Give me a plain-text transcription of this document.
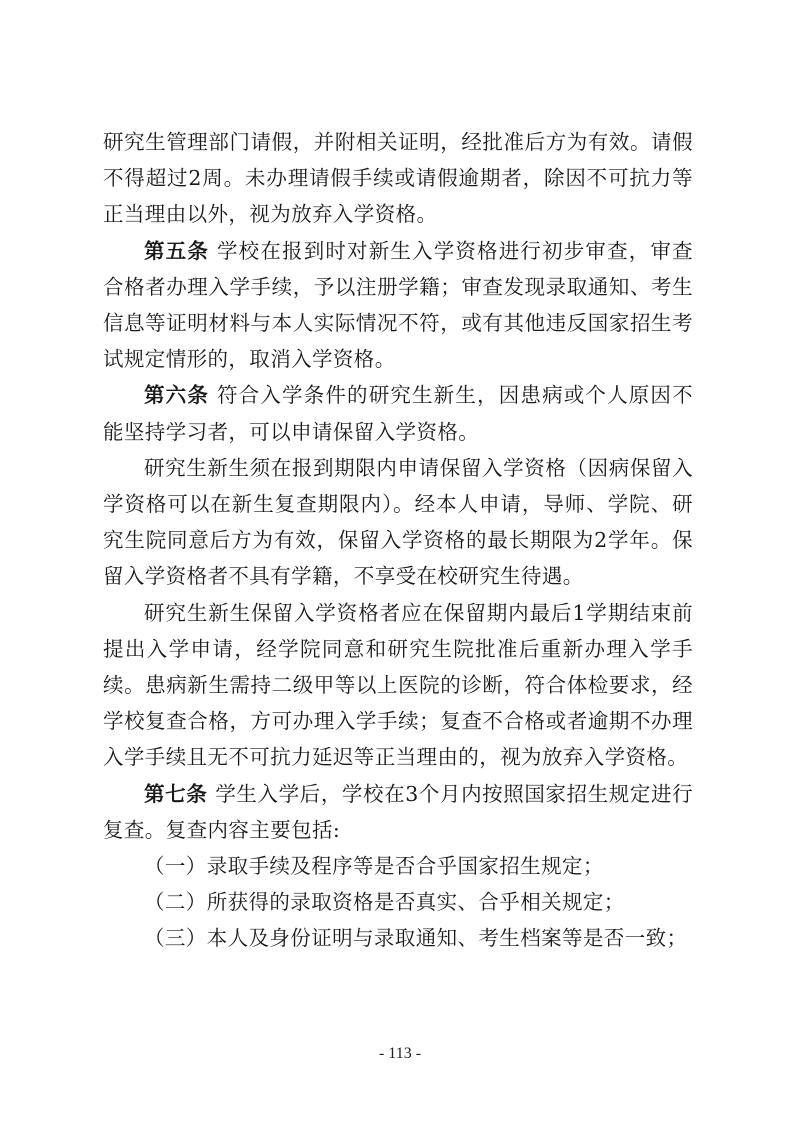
研究生管理部门请假，并附相关证明，经批准后方为有效。请假不得超过2周。未办理请假手续或请假逾期者，除因不可抗力等正当理由以外，视为放弃入学资格。

第五条 学校在报到时对新生入学资格进行初步审查，审查合格者办理入学手续，予以注册学籍；审查发现录取通知、考生信息等证明材料与本人实际情况不符，或有其他违反国家招生考试规定情形的，取消入学资格。

第六条 符合入学条件的研究生新生，因患病或个人原因不能坚持学习者，可以申请保留入学资格。

研究生新生须在报到期限内申请保留入学资格（因病保留入学资格可以在新生复查期限内）。经本人申请，导师、学院、研究生院同意后方为有效，保留入学资格的最长期限为2学年。保留入学资格者不具有学籍，不享受在校研究生待遇。

研究生新生保留入学资格者应在保留期内最后1学期结束前提出入学申请，经学院同意和研究生院批准后重新办理入学手续。患病新生需持二级甲等以上医院的诊断，符合体检要求，经学校复查合格，方可办理入学手续；复查不合格或者逾期不办理入学手续且无不可抗力延迟等正当理由的，视为放弃入学资格。

第七条 学生入学后，学校在3个月内按照国家招生规定进行复查。复查内容主要包括:

（一）录取手续及程序等是否合乎国家招生规定；

（二）所获得的录取资格是否真实、合乎相关规定；

（三）本人及身份证明与录取通知、考生档案等是否一致；

- 113 -
